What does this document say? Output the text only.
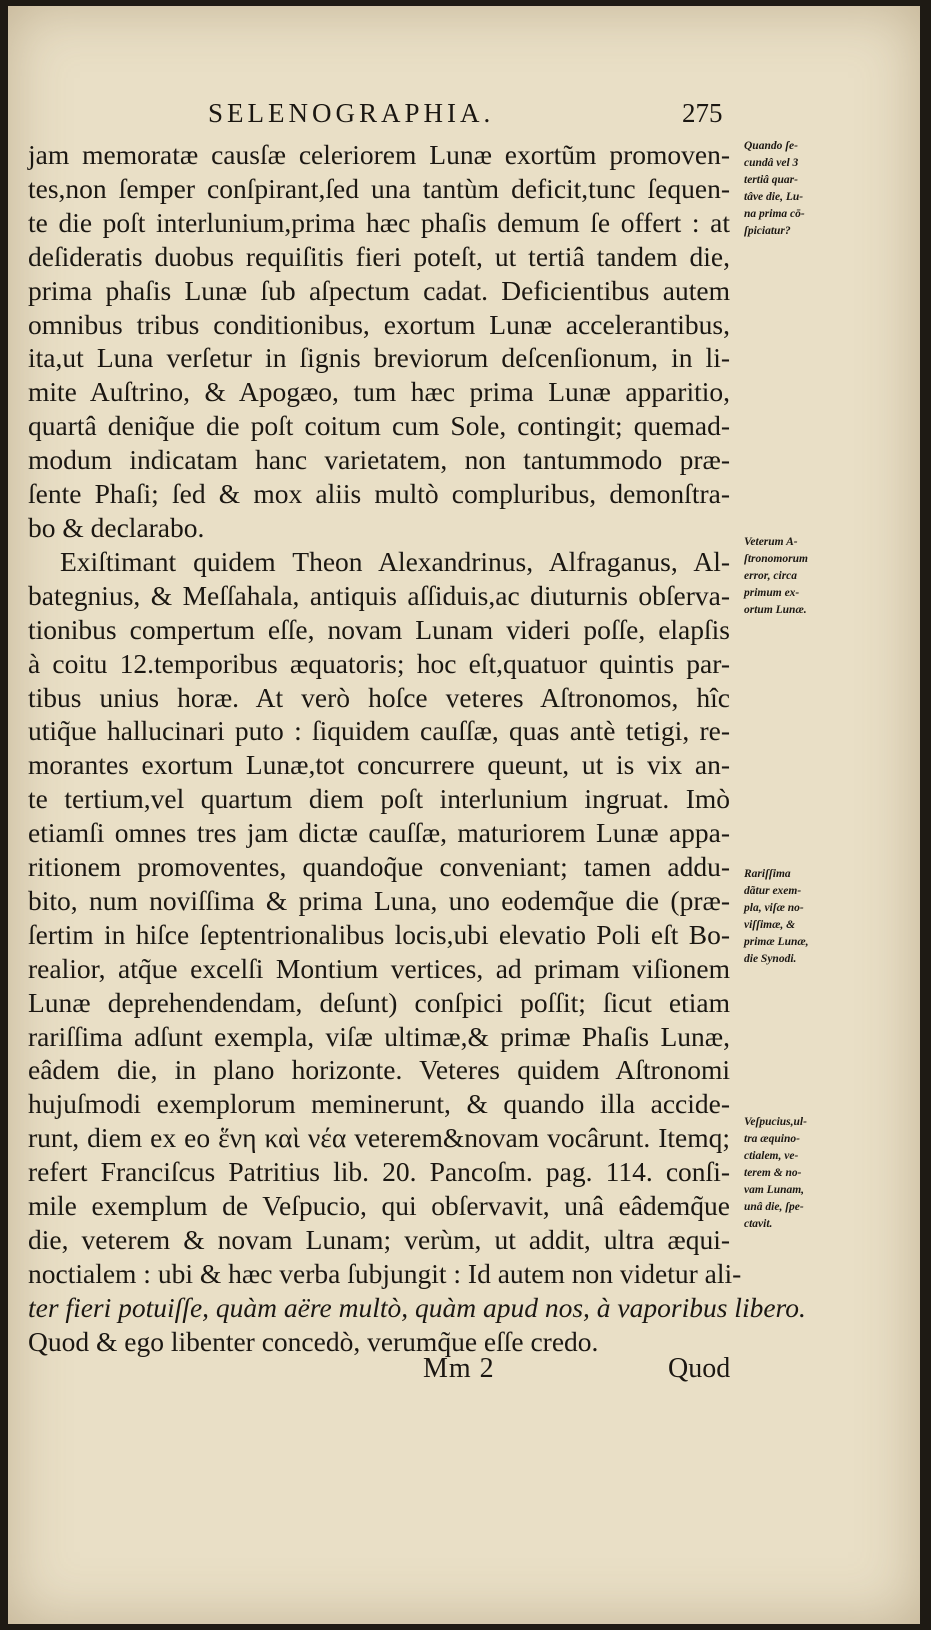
SELENOGRAPHIA.	275
jam memoratæ causſæ celeriorem Lunæ exortũm promoven-
tes,non ſemper conſpirant,ſed una tantùm deficit,tunc ſequen-
te die poſt interlunium,prima hæc phaſis demum ſe offert : at
deſideratis duobus requiſitis fieri poteſt, ut tertiâ tandem die,
prima phaſis Lunæ ſub aſpectum cadat. Deficientibus autem
omnibus tribus conditionibus, exortum Lunæ accelerantibus,
ita,ut Luna verſetur in ſignis breviorum deſcenſionum, in li-
mite Auſtrino, & Apogæo, tum hæc prima Lunæ apparitio,
quartâ deniq̃ue die poſt coitum cum Sole, contingit; quemad-
modum indicatam hanc varietatem, non tantummodo præ-
ſente Phaſi; ſed & mox aliis multò compluribus, demonſtra-
bo & declarabo.
Exiſtimant quidem Theon Alexandrinus, Alfraganus, Al-
bategnius, & Meſſahala, antiquis aſſiduis,ac diuturnis obſerva-
tionibus compertum eſſe, novam Lunam videri poſſe, elapſis
à coitu 12.temporibus æquatoris; hoc eſt,quatuor quintis par-
tibus unius horæ. At verò hoſce veteres Aſtronomos, hîc
utiq̃ue hallucinari puto : ſiquidem cauſſæ, quas antè tetigi, re-
morantes exortum Lunæ,tot concurrere queunt, ut is vix an-
te tertium,vel quartum diem poſt interlunium ingruat. Imò
etiamſi omnes tres jam dictæ cauſſæ, maturiorem Lunæ appa-
ritionem promoventes, quandoq̃ue conveniant; tamen addu-
bito, num noviſſima & prima Luna, uno eodemq̃ue die (præ-
ſertim in hiſce ſeptentrionalibus locis,ubi elevatio Poli eſt Bo-
realior, atq̃ue excelſi Montium vertices, ad primam viſionem
Lunæ deprehendendam, deſunt) conſpici poſſit; ſicut etiam
rariſſima adſunt exempla, viſæ ultimæ,& primæ Phaſis Lunæ,
eâdem die, in plano horizonte. Veteres quidem Aſtronomi
hujuſmodi exemplorum meminerunt, & quando illa accide-
runt, diem ex eo ἕνη καὶ νέα veterem&novam vocârunt. Itemq;
refert Franciſcus Patritius lib. 20. Pancoſm. pag. 114. conſi-
mile exemplum de Veſpucio, qui obſervavit, unâ eâdemq̃ue
die, veterem & novam Lunam; verùm, ut addit, ultra æqui-
noctialem : ubi & hæc verba ſubjungit : Id autem non videtur ali-
ter fieri potuiſſe, quàm aëre multò, quàm apud nos, à vaporibus libero.
Quod & ego libenter concedò, verumq̃ue eſſe credo.
Quando ſe-
cundâ vel 3
tertiâ quar-
tâve die, Lu-
na prima cō-
ſpiciatur?
Veterum A-
ſtronomorum
error, circa
primum ex-
ortum Lunæ.
Rariſſima
dãtur exem-
pla, viſæ no-
viſſimæ, &
primæ Lunæ,
die Synodi.
Veſpucius,ul-
tra æquino-
ctialem, ve-
terem & no-
vam Lunam,
unâ die, ſpe-
ctavit.
Mm 2	Quod
